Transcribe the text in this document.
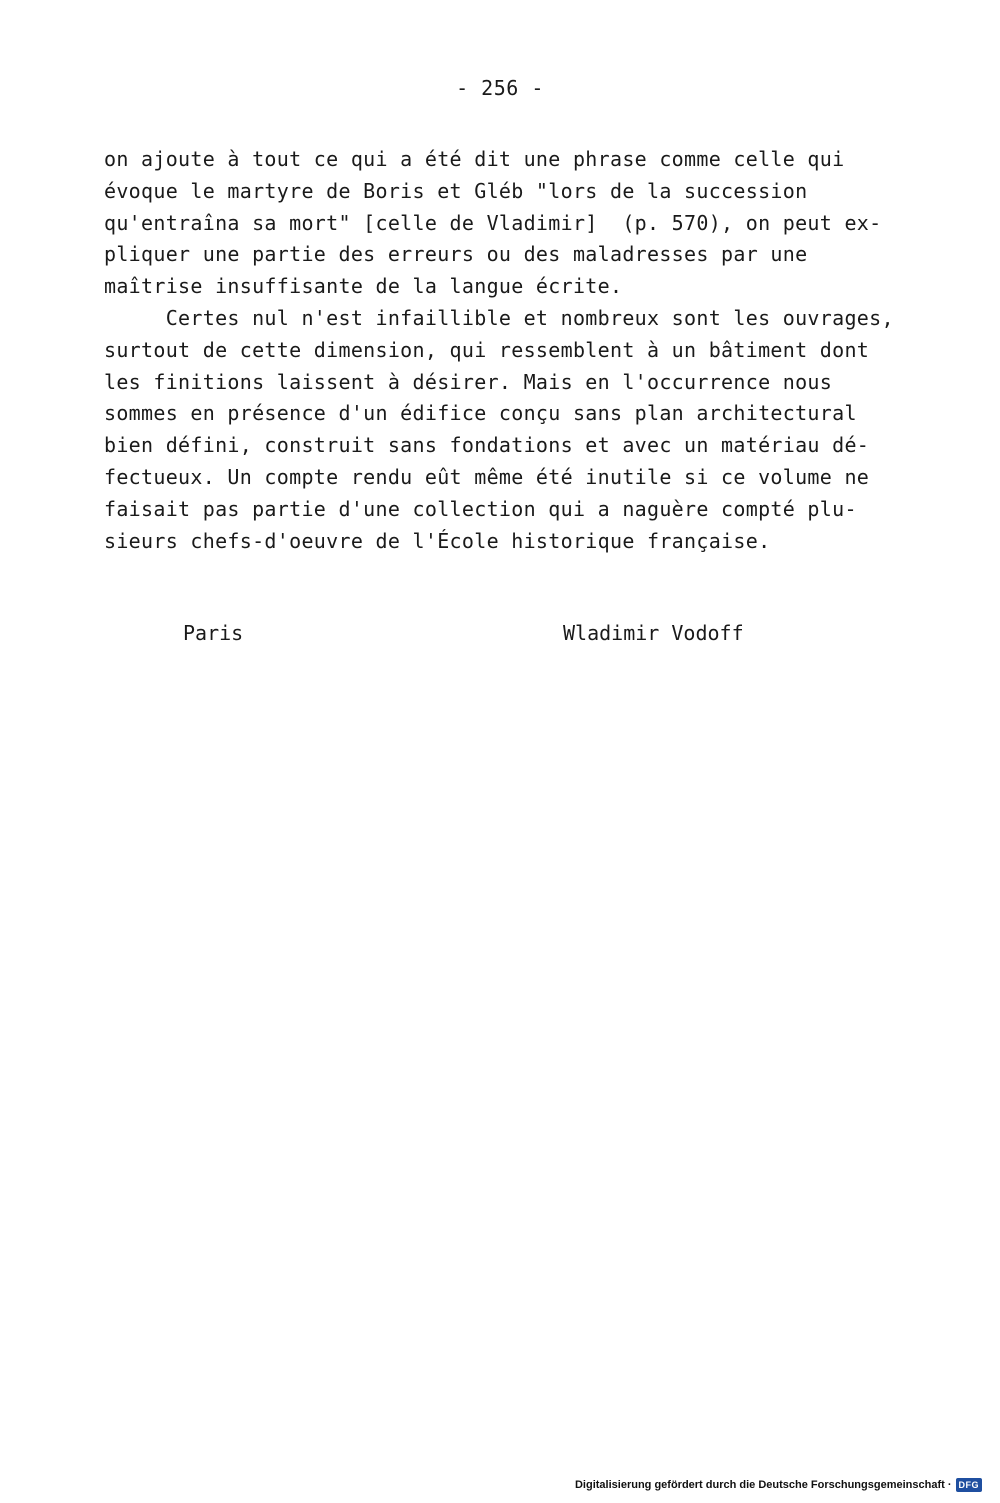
- 256 -
on ajoute à tout ce qui a été dit une phrase comme celle qui
évoque le martyre de Boris et Gléb "lors de la succession
qu'entraîna sa mort" [celle de Vladimir]  (p. 570), on peut ex-
pliquer une partie des erreurs ou des maladresses par une
maîtrise insuffisante de la langue écrite.
Certes nul n'est infaillible et nombreux sont les ouvrages,
surtout de cette dimension, qui ressemblent à un bâtiment dont
les finitions laissent à désirer. Mais en l'occurrence nous
sommes en présence d'un édifice conçu sans plan architectural
bien défini, construit sans fondations et avec un matériau dé-
fectueux. Un compte rendu eût même été inutile si ce volume ne
faisait pas partie d'une collection qui a naguère compté plu-
sieurs chefs-d'oeuvre de l'École historique française.
Paris	Wladimir Vodoff
Digitalisierung gefördert durch die Deutsche Forschungsgemeinschaft · DFG
